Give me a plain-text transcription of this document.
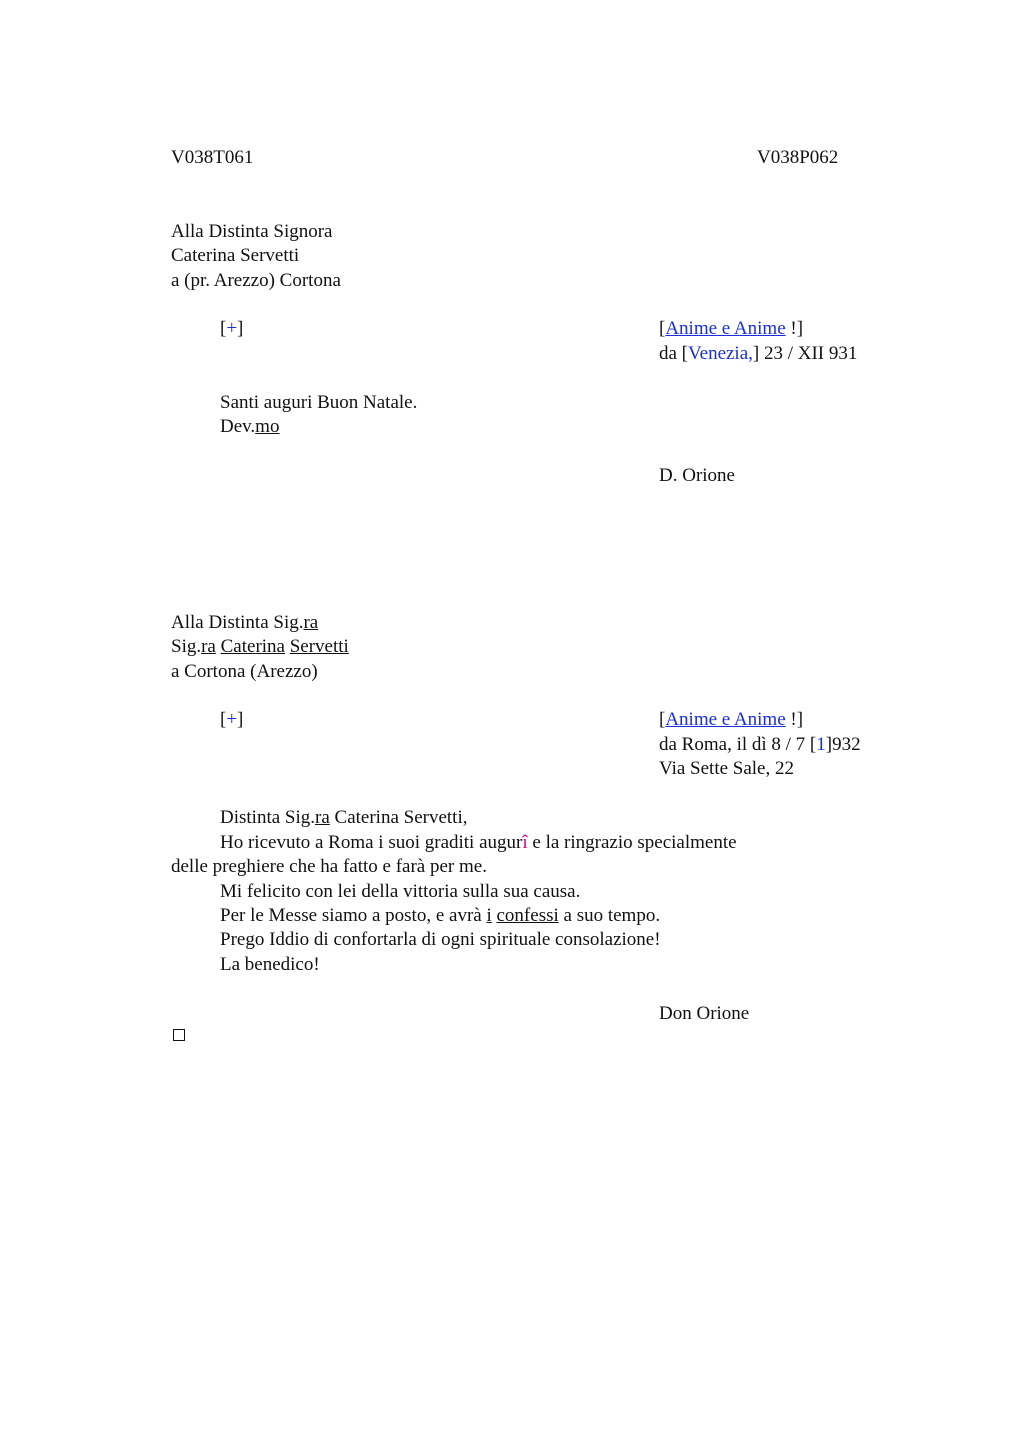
V038T061	V038P062
Alla Distinta Signora
Caterina Servetti
a (pr. Arezzo) Cortona
[+]	[Anime e Anime !]
da [Venezia,] 23 / XII 931
Santi auguri Buon Natale.
Dev.mo
D. Orione
Alla Distinta Sig.ra
Sig.ra Caterina Servetti
a Cortona (Arezzo)
[+]	[Anime e Anime !]
da Roma, il dì 8 / 7 [1]932
Via Sette Sale, 22
Distinta Sig.ra Caterina Servetti,
Ho ricevuto a Roma i suoi graditi augurî e la ringrazio specialmente
delle preghiere che ha fatto e farà per me.
Mi felicito con lei della vittoria sulla sua causa.
Per le Messe siamo a posto, e avrà i confessi a suo tempo.
Prego Iddio di confortarla di ogni spirituale consolazione!
La benedico!
Don Orione
